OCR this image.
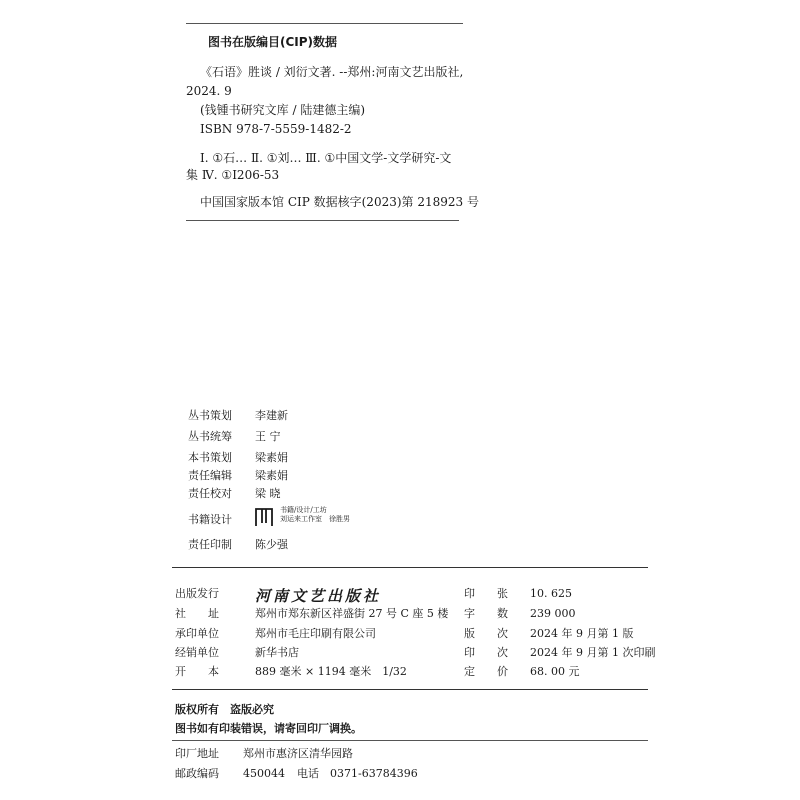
图书在版编目(CIP)数据
《石语》胜谈 / 刘衍文著. --郑州:河南文艺出版社,
2024. 9
(钱锺书研究文库 / 陆建德主编)
ISBN 978-7-5559-1482-2
Ⅰ. ①石… Ⅱ. ①刘… Ⅲ. ①中国文学-文学研究-文
集 Ⅳ. ①I206-53
中国国家版本馆 CIP 数据核字(2023)第 218923 号
丛书策划	李建新
丛书统筹	王 宁
本书策划	梁素娟
责任编辑	梁素娟
责任校对	梁 晓
书籍设计
书籍/设计/工坊
刘运来工作室　徐胜男
责任印制	陈少强
出版发行	河南文艺出版社	印　　张	10. 625
社　　址	郑州市郑东新区祥盛街 27 号 C 座 5 楼 字　　数	239 000
承印单位	郑州市毛庄印刷有限公司	版　　次	2024 年 9 月第 1 版
经销单位	新华书店	印　　次	2024 年 9 月第 1 次印刷
开　　本	889 毫米 × 1194 毫米　1/32	定　　价	68. 00 元
版权所有　盗版必究
图书如有印装错误，请寄回印厂调换。
印厂地址 郑州市惠济区清华园路
邮政编码 450044 电话 0371-63784396
